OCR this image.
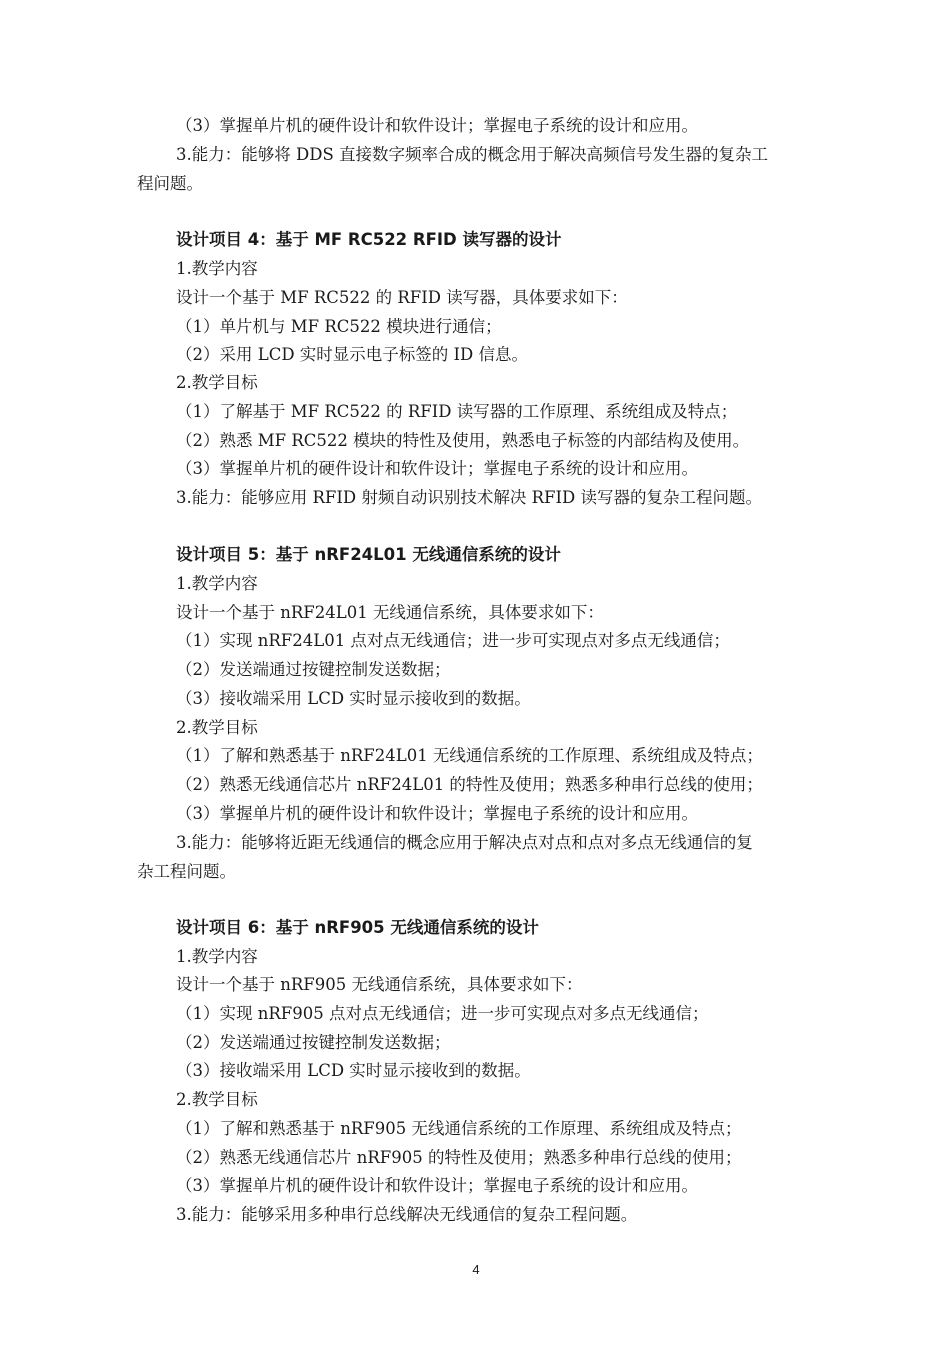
（3）掌握单片机的硬件设计和软件设计；掌握电子系统的设计和应用。
3.能力：能够将 DDS 直接数字频率合成的概念用于解决高频信号发生器的复杂工
程问题。
设计项目 4：基于 MF RC522 RFID 读写器的设计
1.教学内容
设计一个基于 MF RC522 的 RFID 读写器，具体要求如下：
（1）单片机与 MF RC522 模块进行通信；
（2）采用 LCD 实时显示电子标签的 ID 信息。
2.教学目标
（1）了解基于 MF RC522 的 RFID 读写器的工作原理、系统组成及特点；
（2）熟悉 MF RC522 模块的特性及使用，熟悉电子标签的内部结构及使用。
（3）掌握单片机的硬件设计和软件设计；掌握电子系统的设计和应用。
3.能力：能够应用 RFID 射频自动识别技术解决 RFID 读写器的复杂工程问题。
设计项目 5：基于 nRF24L01 无线通信系统的设计
1.教学内容
设计一个基于 nRF24L01 无线通信系统，具体要求如下：
（1）实现 nRF24L01 点对点无线通信；进一步可实现点对多点无线通信；
（2）发送端通过按键控制发送数据；
（3）接收端采用 LCD 实时显示接收到的数据。
2.教学目标
（1）了解和熟悉基于 nRF24L01 无线通信系统的工作原理、系统组成及特点；
（2）熟悉无线通信芯片 nRF24L01 的特性及使用；熟悉多种串行总线的使用；
（3）掌握单片机的硬件设计和软件设计；掌握电子系统的设计和应用。
3.能力：能够将近距无线通信的概念应用于解决点对点和点对多点无线通信的复
杂工程问题。
设计项目 6：基于 nRF905 无线通信系统的设计
1.教学内容
设计一个基于 nRF905 无线通信系统，具体要求如下：
（1）实现 nRF905 点对点无线通信；进一步可实现点对多点无线通信；
（2）发送端通过按键控制发送数据；
（3）接收端采用 LCD 实时显示接收到的数据。
2.教学目标
（1）了解和熟悉基于 nRF905 无线通信系统的工作原理、系统组成及特点；
（2）熟悉无线通信芯片 nRF905 的特性及使用；熟悉多种串行总线的使用；
（3）掌握单片机的硬件设计和软件设计；掌握电子系统的设计和应用。
3.能力：能够采用多种串行总线解决无线通信的复杂工程问题。
4
